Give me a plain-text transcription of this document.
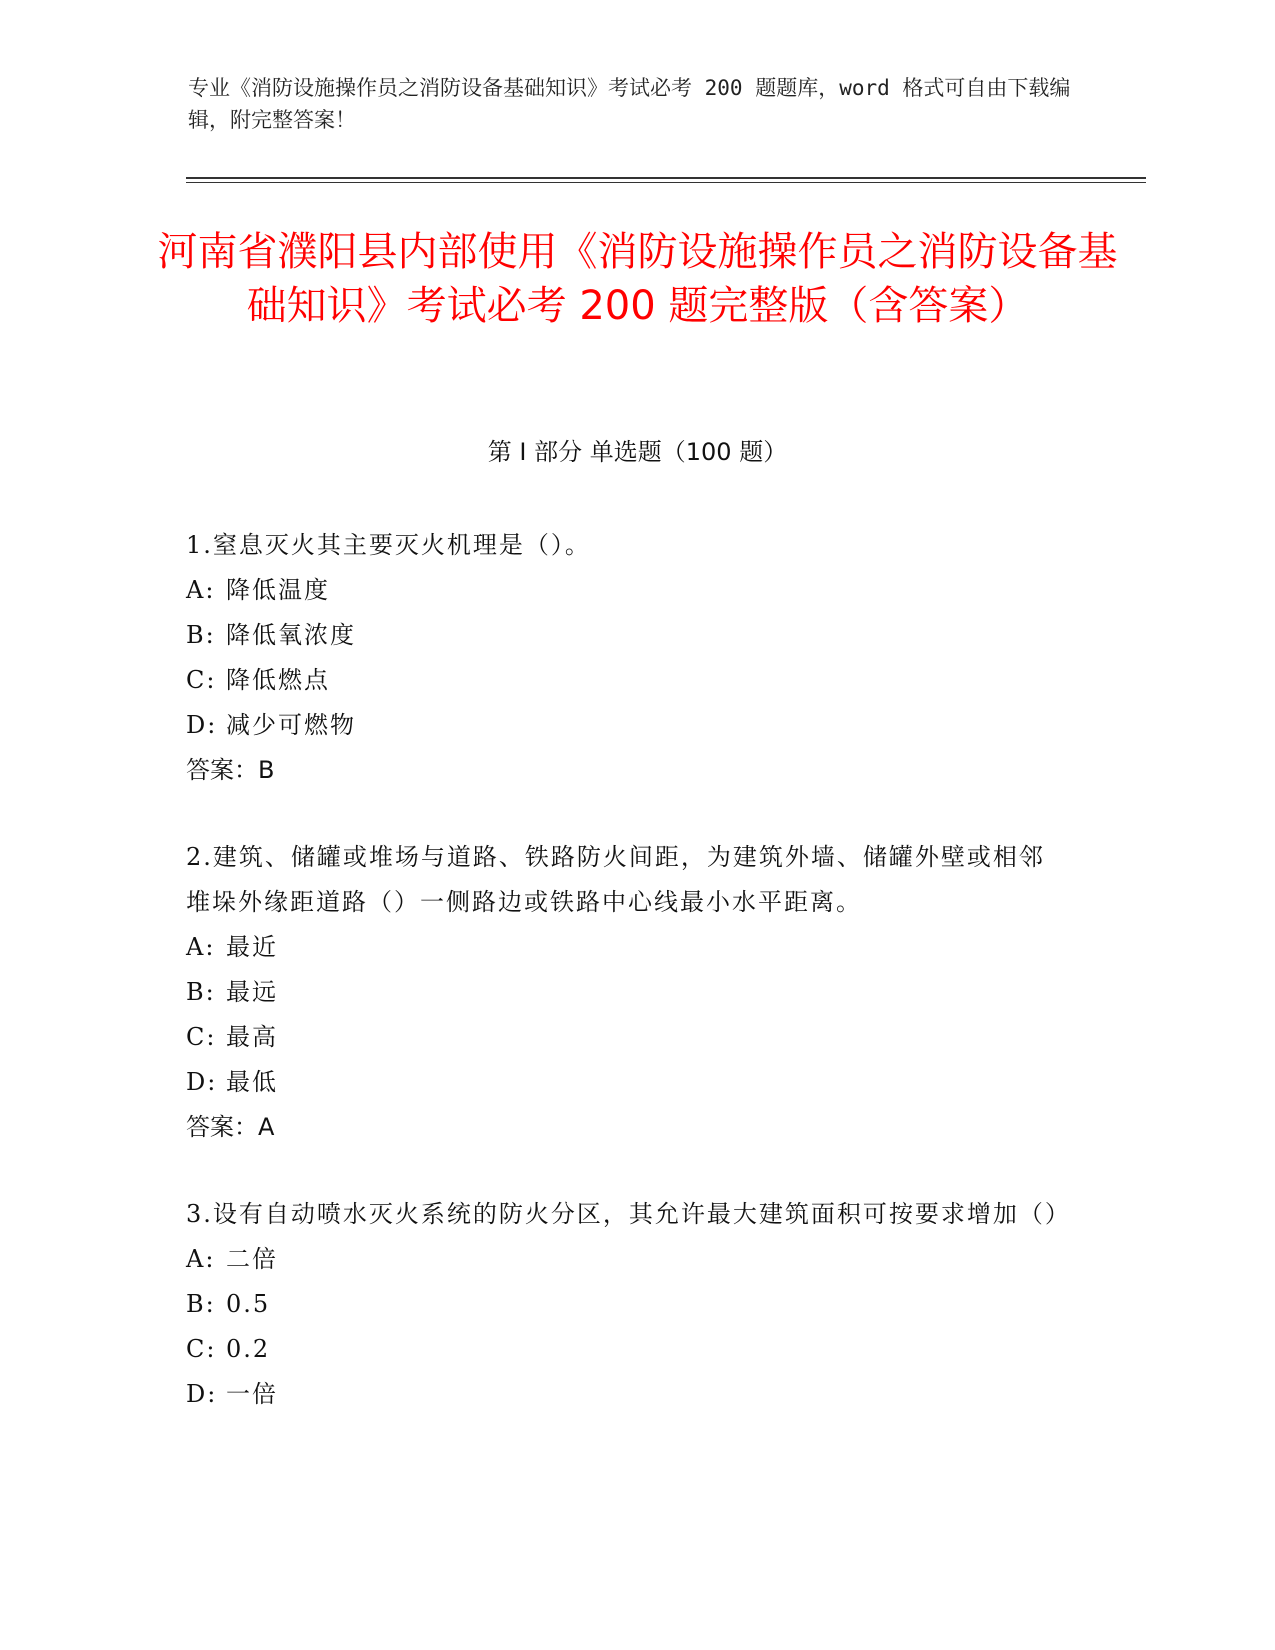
专业《消防设施操作员之消防设备基础知识》考试必考 200 题题库，word 格式可自由下载编辑，附完整答案！
河南省濮阳县内部使用《消防设施操作员之消防设备基础知识》考试必考 200 题完整版（含答案）
第 I 部分 单选题（100 题）
1.窒息灭火其主要灭火机理是（）。
A: 降低温度
B: 降低氧浓度
C: 降低燃点
D: 减少可燃物
答案：B
2.建筑、储罐或堆场与道路、铁路防火间距，为建筑外墙、储罐外壁或相邻堆垛外缘距道路（）一侧路边或铁路中心线最小水平距离。
A: 最近
B: 最远
C: 最高
D: 最低
答案：A
3.设有自动喷水灭火系统的防火分区，其允许最大建筑面积可按要求增加（）
A: 二倍
B: 0.5
C: 0.2
D: 一倍
